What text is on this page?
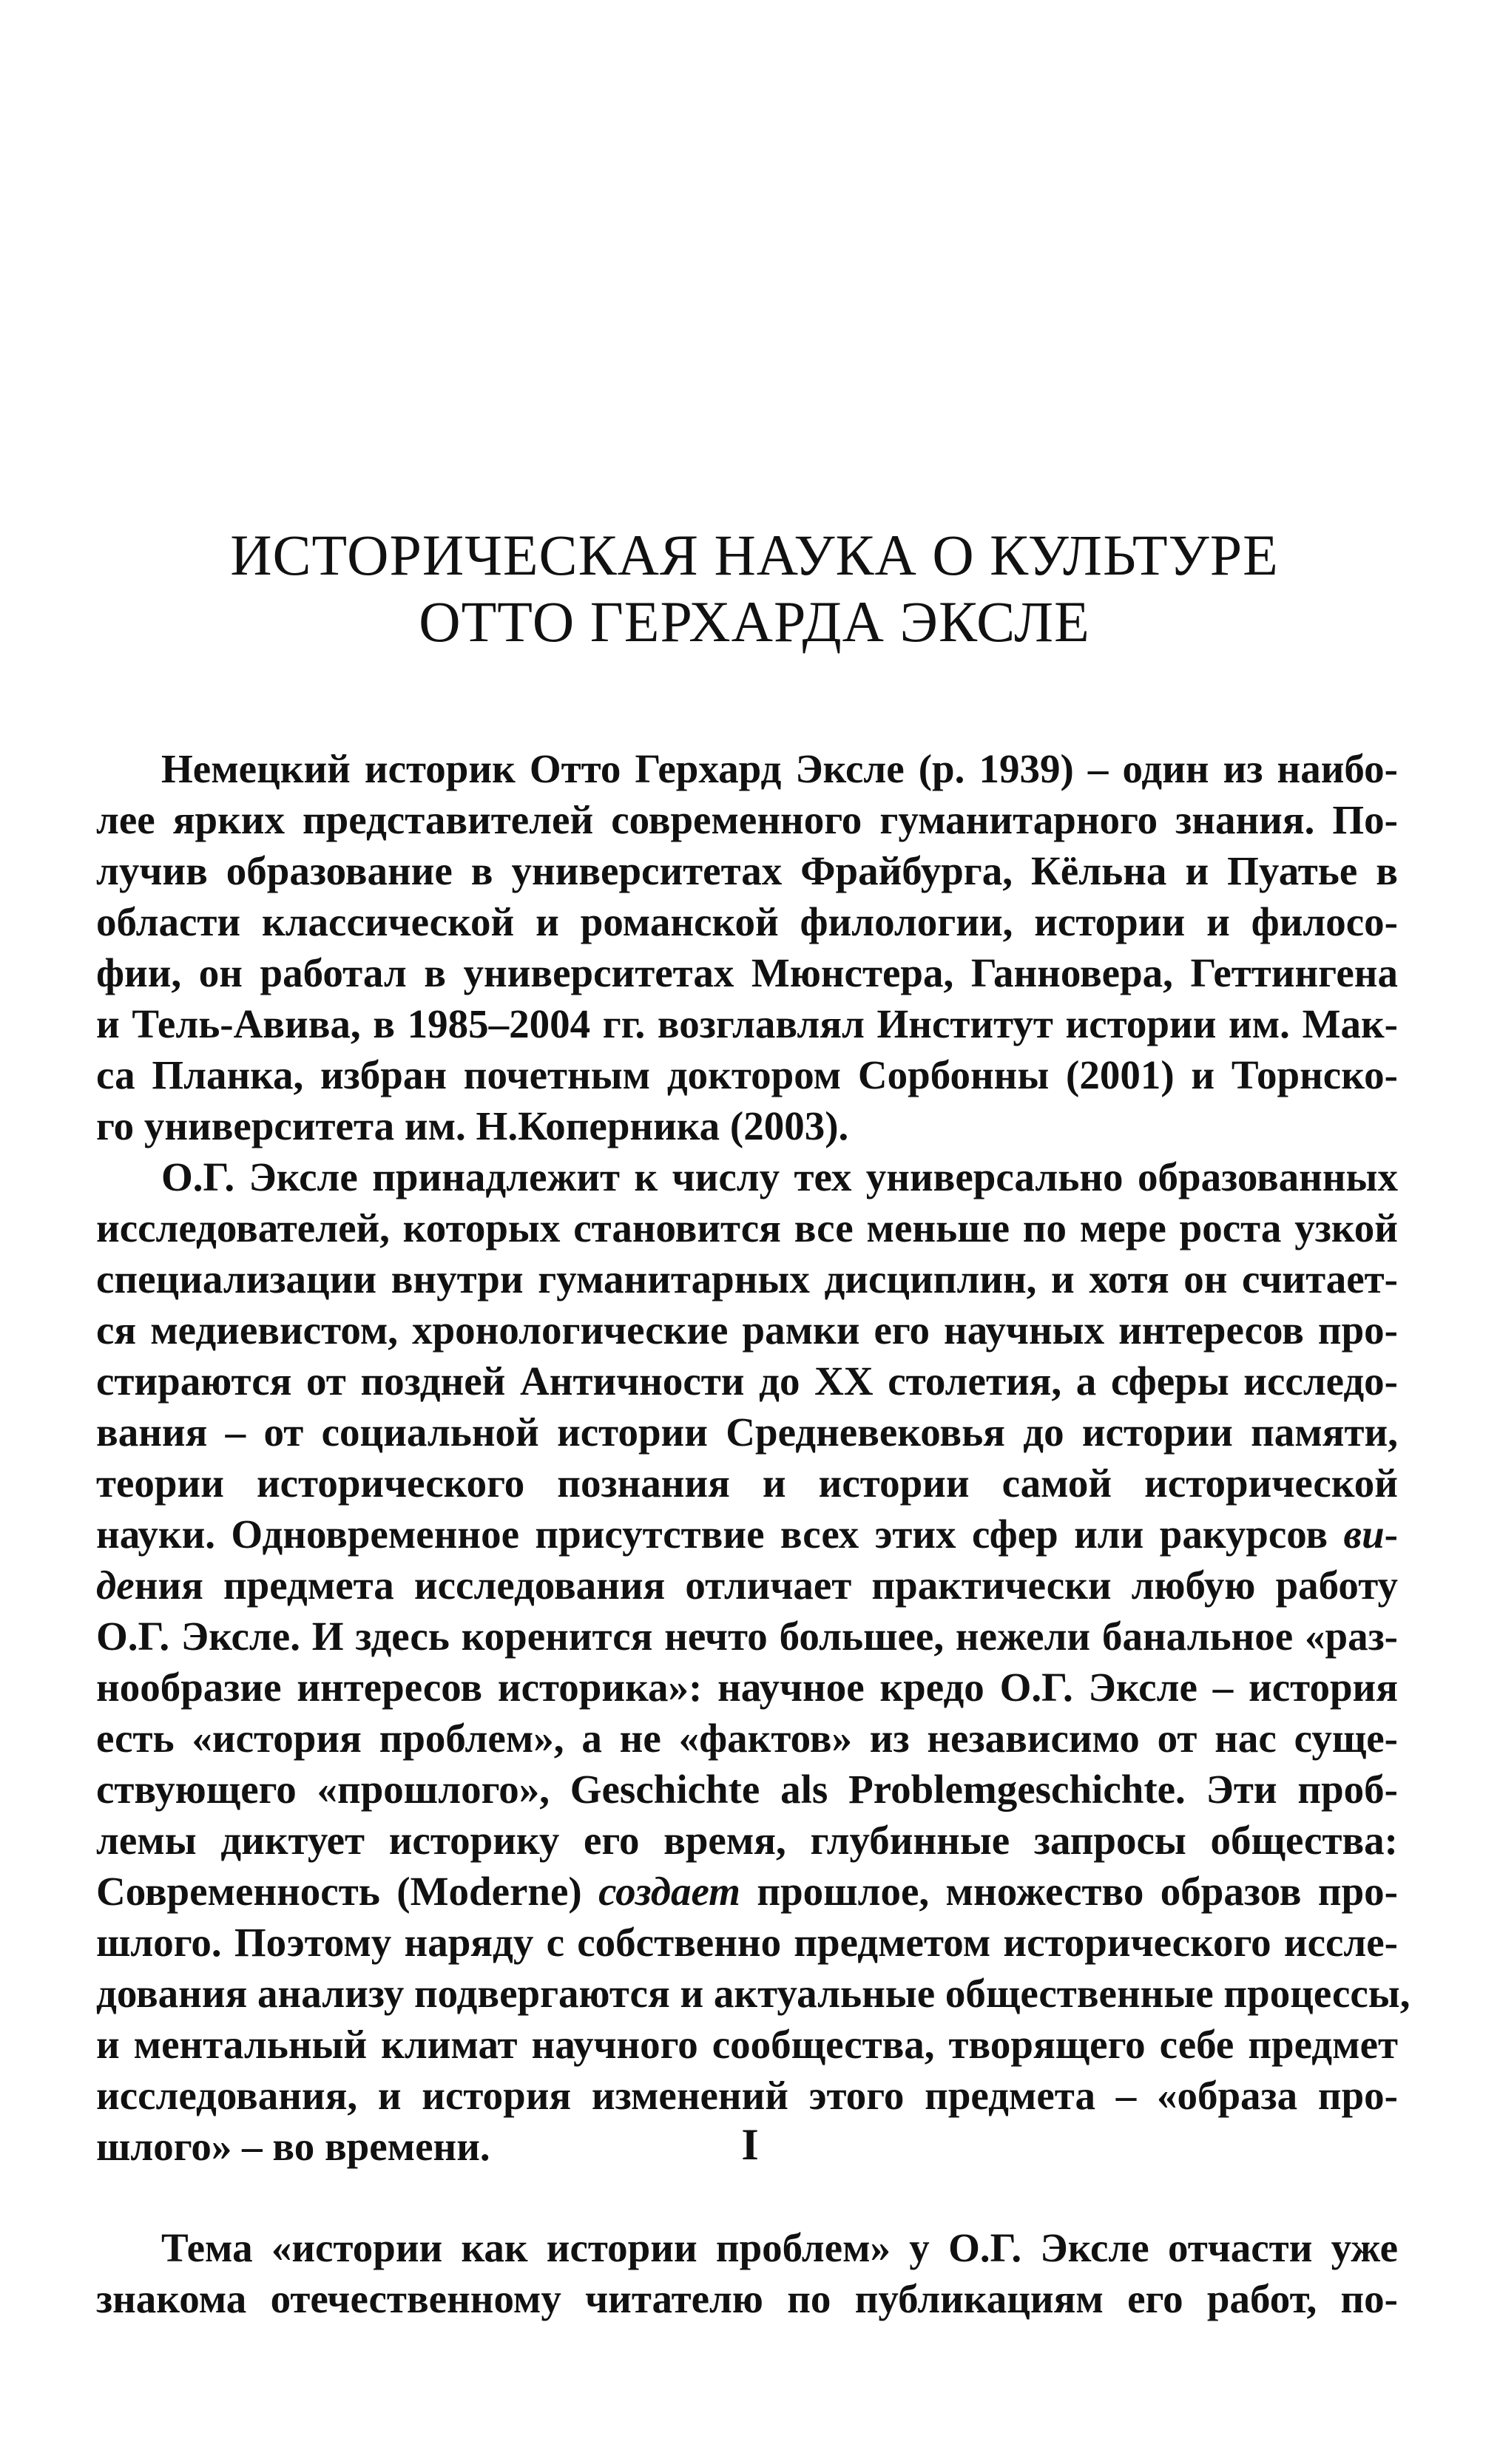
ИСТОРИЧЕСКАЯ НАУКА О КУЛЬТУРЕ
ОТТО ГЕРХАРДА ЭКСЛЕ
Немецкий историк Отто Герхард Эксле (р. 1939) – один из наибо-
лее ярких представителей современного гуманитарного знания. По-
лучив образование в университетах Фрайбурга, Кёльна и Пуатье в
области классической и романской филологии, истории и филосо-
фии, он работал в университетах Мюнстера, Ганновера, Геттингена
и Тель-Авива, в 1985–2004 гг. возглавлял Институт истории им. Мак-
са Планка, избран почетным доктором Сорбонны (2001) и Торнско-
го университета им. Н.Коперника (2003).
О.Г. Эксле принадлежит к числу тех универсально образованных
исследователей, которых становится все меньше по мере роста узкой
специализации внутри гуманитарных дисциплин, и хотя он считает-
ся медиевистом, хронологические рамки его научных интересов про-
стираются от поздней Античности до XX столетия, а сферы исследо-
вания – от социальной истории Средневековья до истории памяти,
теории исторического познания и истории самой исторической
науки. Одновременное присутствие всех этих сфер или ракурсов ви-
дения предмета исследования отличает практически любую работу
О.Г. Эксле. И здесь коренится нечто большее, нежели банальное «раз-
нообразие интересов историка»: научное кредо О.Г. Эксле – история
есть «история проблем», а не «фактов» из независимо от нас суще-
ствующего «прошлого», Geschichte als Problemgeschichte. Эти проб-
лемы диктует историку его время, глубинные запросы общества:
Современность (Moderne) создает прошлое, множество образов про-
шлого. Поэтому наряду с собственно предметом исторического иссле-
дования анализу подвергаются и актуальные общественные процессы,
и ментальный климат научного сообщества, творящего себе предмет
исследования, и история изменений этого предмета – «образа про-
шлого» – во времени.	I
Тема «истории как истории проблем» у О.Г. Эксле отчасти уже
знакома отечественному читателю по публикациям его работ, по-
